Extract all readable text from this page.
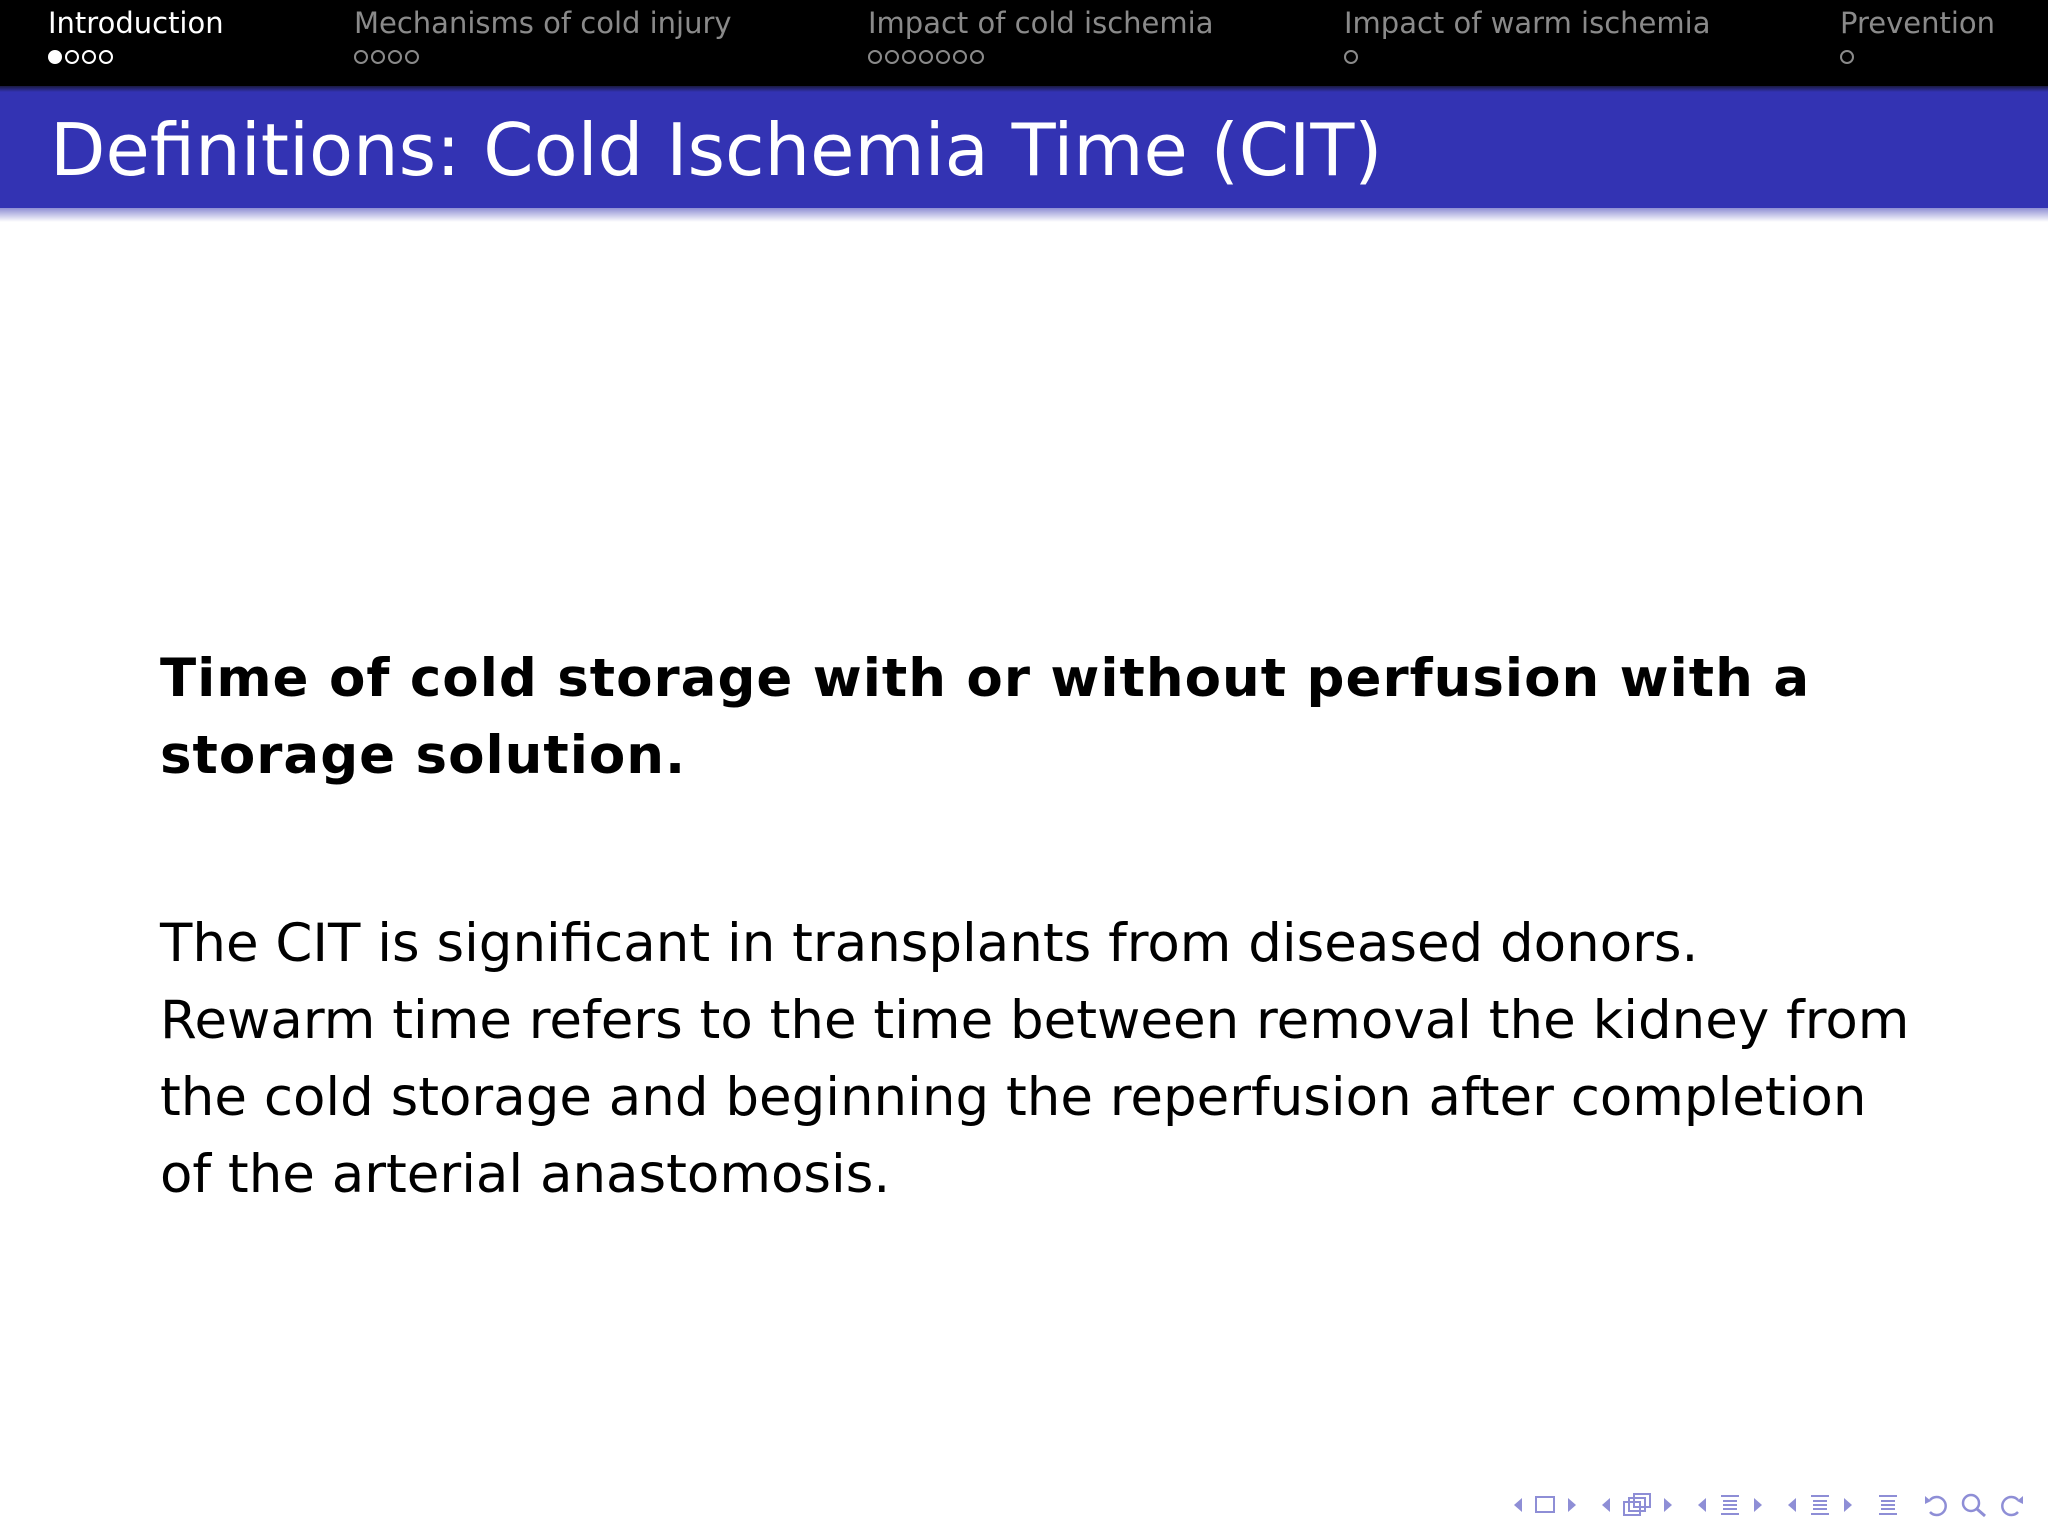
Introduction	Mechanisms of cold injury	Impact of cold ischemia	Impact of warm ischemia	Prevention
Definitions: Cold Ischemia Time (CIT)

Time of cold storage with or without perfusion with a storage solution.

The CIT is significant in transplants from diseased donors. Rewarm time refers to the time between removal the kidney from the cold storage and beginning the reperfusion after completion of the arterial anastomosis.
